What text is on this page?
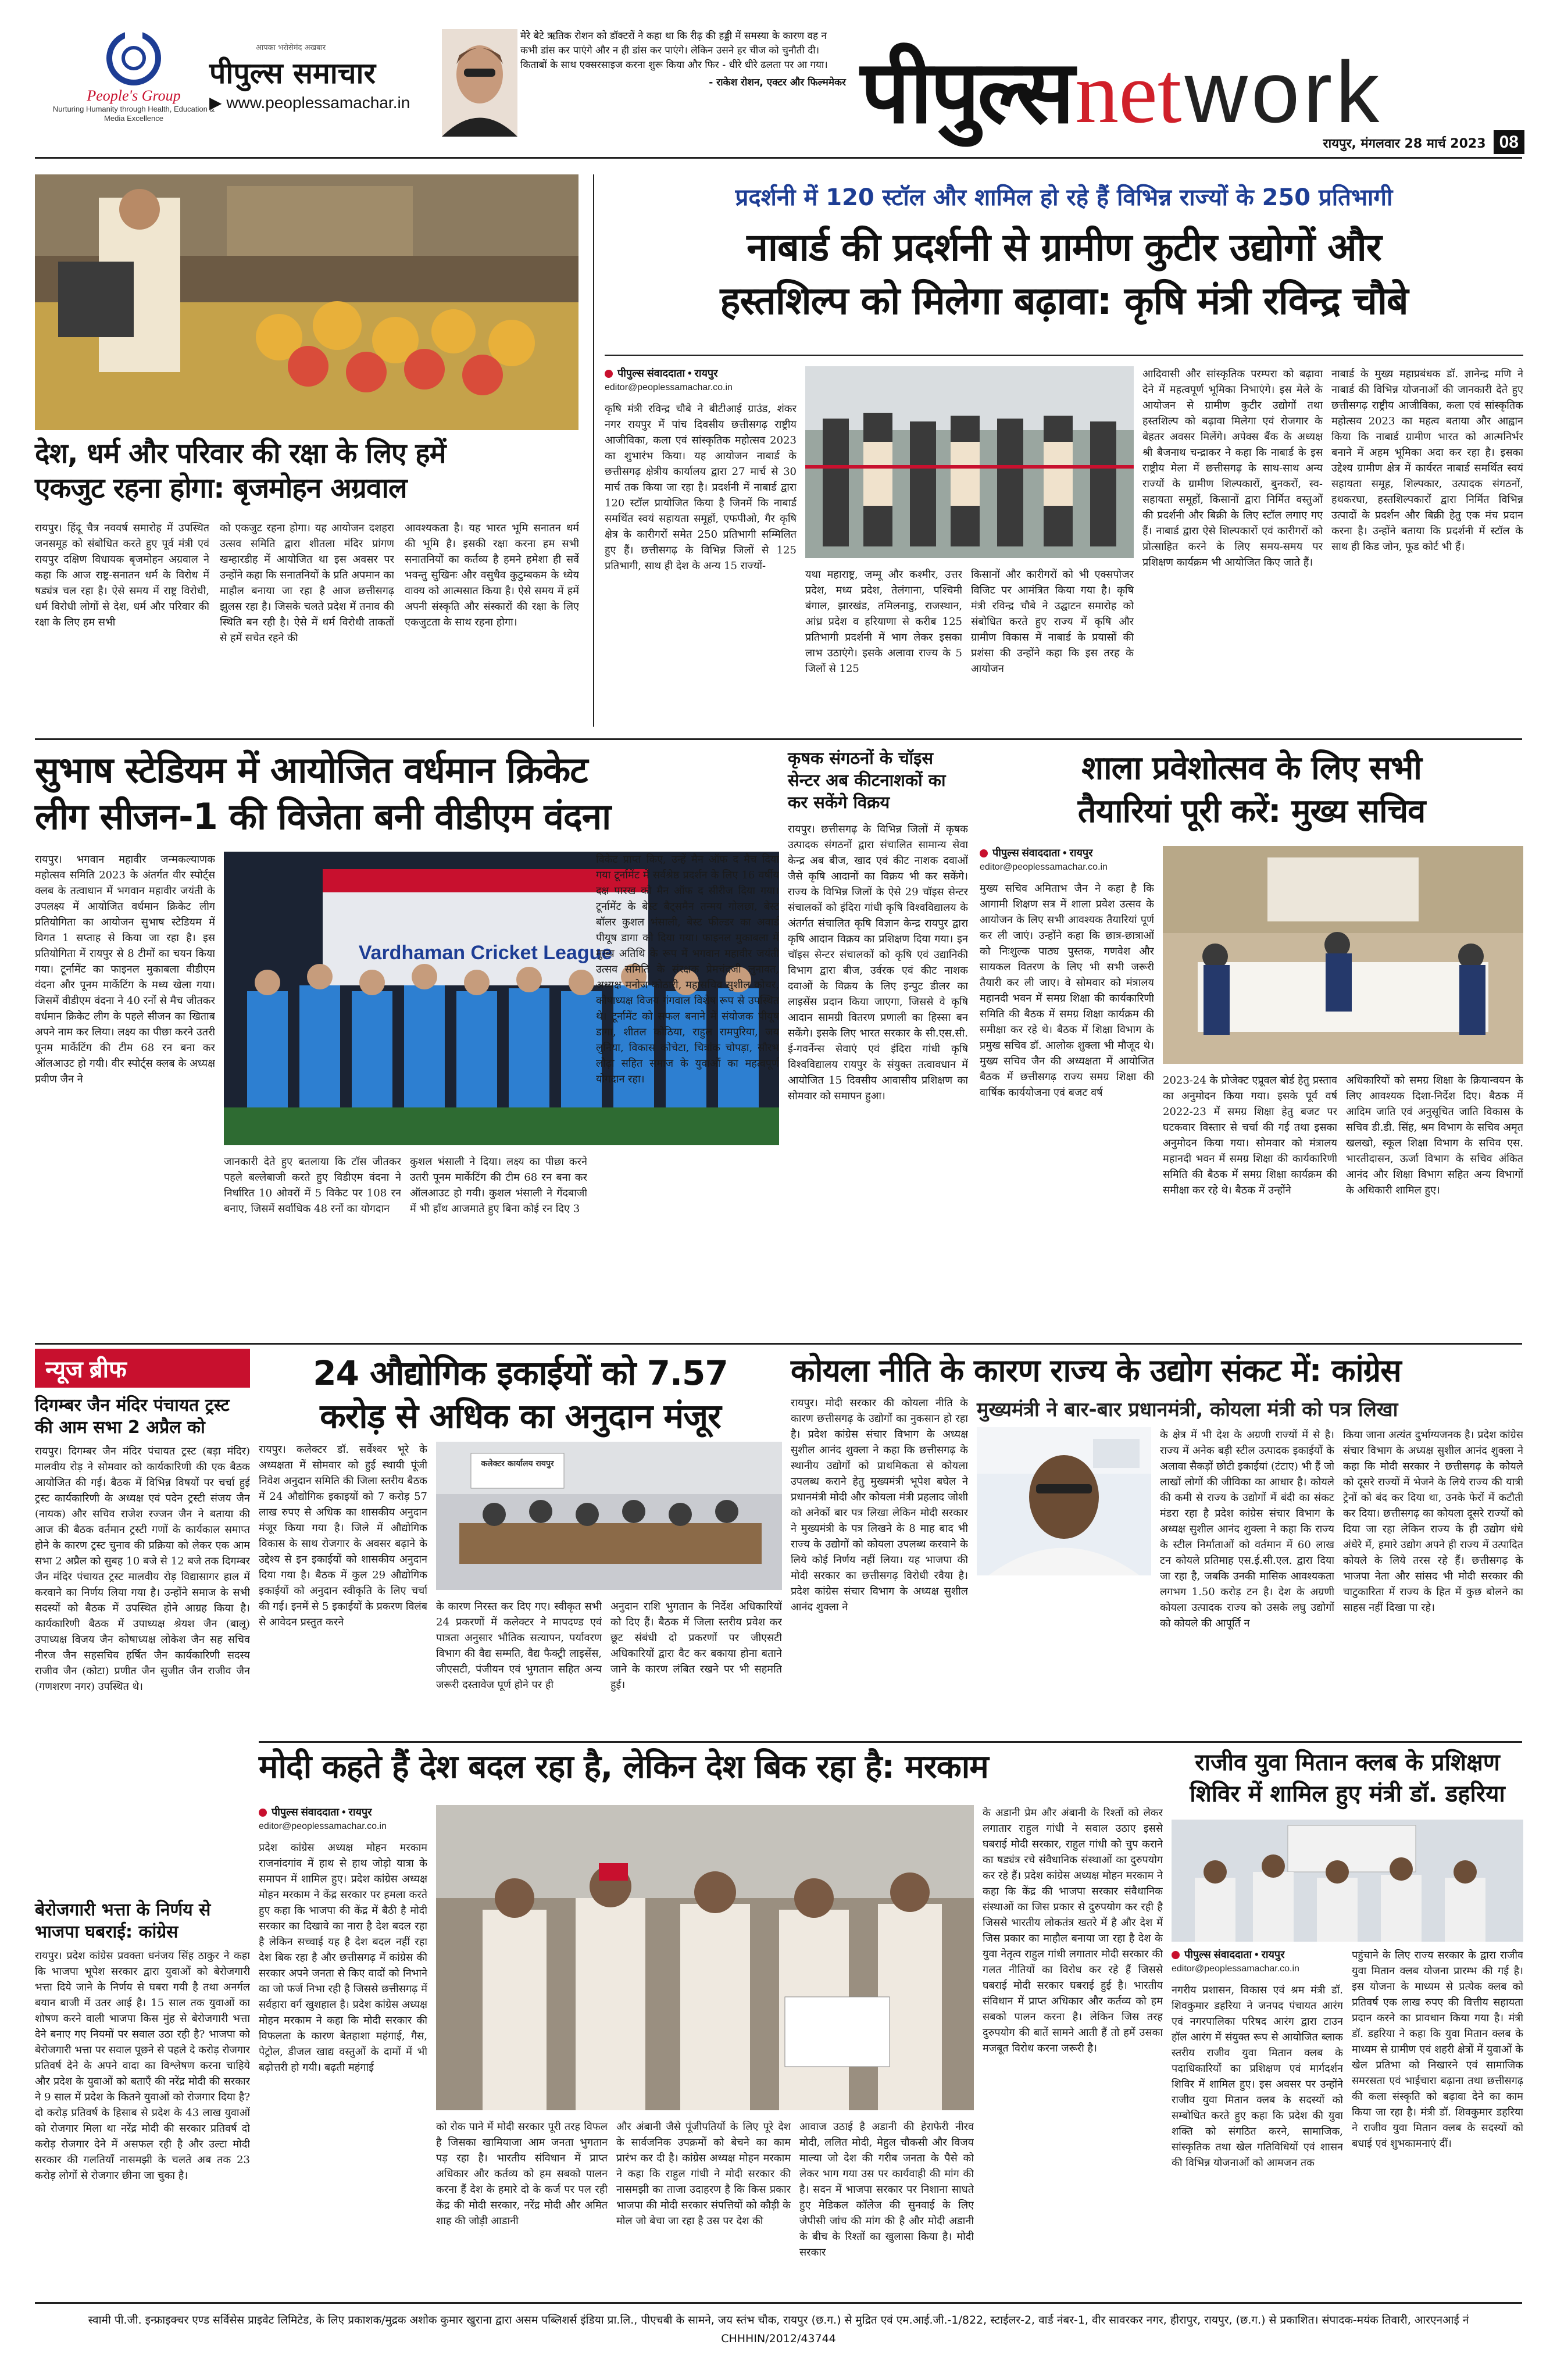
People's Group
Nurturing Humanity through Health, Education & Media Excellence
आपका भरोसेमंद अखबार
पीपुल्स समाचार
▶ www.peoplessamachar.in
मेरे बेटे ऋतिक रोशन को डॉक्टरों ने कहा था कि रीढ़ की हड्डी में समस्या के कारण वह न कभी डांस कर पाएंगे और न ही डांस कर पाएंगे। लेकिन उसने हर चीज को चुनौती दी। किताबों के साथ एक्सरसाइज करना शुरू किया और फिर - धीरे धीरे ढलता पर आ गया।
- राकेश रोशन, एक्टर और फिल्ममेकर पीपुल्स net work
रायपुर, मंगलवार 28 मार्च 2023 08
देश, धर्म और परिवार की रक्षा के लिए हमें
एकजुट रहना होगा: बृजमोहन अग्रवाल
रायपुर। हिंदू चैत्र नववर्ष समारोह में उपस्थित जनसमूह को संबोधित करते हुए पूर्व मंत्री एवं रायपुर दक्षिण विधायक बृजमोहन अग्रवाल ने कहा कि आज राष्ट्र-सनातन धर्म के विरोध में षड्यंत्र चल रहा है। ऐसे समय में राष्ट्र विरोधी, धर्म विरोधी लोगों से देश, धर्म और परिवार की रक्षा के लिए हम सभी
को एकजुट रहना होगा। यह आयोजन दशहरा उत्सव समिति द्वारा शीतला मंदिर प्रांगण खम्हारडीह में आयोजित था इस अवसर पर उन्होंने कहा कि सनातनियों के प्रति अपमान का माहौल बनाया जा रहा है आज छत्तीसगढ़ झुलस रहा है। जिसके चलते प्रदेश में तनाव की स्थिति बन रही है। ऐसे में धर्म विरोधी ताकतों से हमें सचेत रहने की
आवश्यकता है। यह भारत भूमि सनातन धर्म की भूमि है। इसकी रक्षा करना हम सभी सनातनियों का कर्तव्य है हमने हमेशा ही सर्वे भवन्तु सुखिनः और वसुधैव कुटुम्बकम के ध्येय वाक्य को आत्मसात किया है। ऐसे समय में हमें अपनी संस्कृति और संस्कारों की रक्षा के लिए एकजुटता के साथ रहना होगा।
प्रदर्शनी में 120 स्टॉल और शामिल हो रहे हैं विभिन्न राज्यों के 250 प्रतिभागी
नाबार्ड की प्रदर्शनी से ग्रामीण कुटीर उद्योगों और
हस्तशिल्प को मिलेगा बढ़ावा: कृषि मंत्री रविन्द्र चौबे
पीपुल्स संवाददाता • रायपुर
editor@peoplessamachar.co.in
कृषि मंत्री रविन्द्र चौबे ने बीटीआई ग्राउंड, शंकर नगर रायपुर में पांच दिवसीय छत्तीसगढ़ राष्ट्रीय आजीविका, कला एवं सांस्कृतिक महोत्सव 2023 का शुभारंभ किया। यह आयोजन नाबार्ड के छत्तीसगढ़ क्षेत्रीय कार्यालय द्वारा 27 मार्च से 30 मार्च तक किया जा रहा है। प्रदर्शनी में नाबार्ड द्वारा 120 स्टॉल प्रायोजित किया है जिनमें कि नाबार्ड समर्थित स्वयं सहायता समूहों, एफपीओ, गैर कृषि क्षेत्र के कारीगरों समेत 250 प्रतिभागी सम्मिलित हुए हैं। छत्तीसगढ़ के विभिन्न जिलों से 125 प्रतिभागी, साथ ही देश के अन्य 15 राज्यों-
यथा महाराष्ट्र, जम्मू और कश्मीर, उत्तर प्रदेश, मध्य प्रदेश, तेलंगाना, पश्चिमी बंगाल, झारखंड, तमिलनाडु, राजस्थान, आंध्र प्रदेश व हरियाणा से करीब 125 प्रतिभागी प्रदर्शनी में भाग लेकर इसका लाभ उठाएंगे। इसके अलावा राज्य के 5 जिलों से 125
किसानों और कारीगरों को भी एक्सपोजर विजिट पर आमंत्रित किया गया है। कृषि मंत्री रविन्द्र चौबे ने उद्घाटन समारोह को संबोधित करते हुए राज्य में कृषि और ग्रामीण विकास में नाबार्ड के प्रयासों की प्रशंसा की उन्होंने कहा कि इस तरह के आयोजन
आदिवासी और सांस्कृतिक परम्परा को बढ़ावा देने में महत्वपूर्ण भूमिका निभाएंगे। इस मेले के आयोजन से ग्रामीण कुटीर उद्योगों तथा हस्तशिल्प को बढ़ावा मिलेगा एवं रोजगार के बेहतर अवसर मिलेंगे। अपेक्स बैंक के अध्यक्ष श्री बैजनाथ चन्द्राकर ने कहा कि नाबार्ड के इस राष्ट्रीय मेला में छत्तीसगढ़ के साथ-साथ अन्य राज्यों के ग्रामीण शिल्पकारों, बुनकरों, स्व-सहायता समूहों, किसानों द्वारा निर्मित वस्तुओं की प्रदर्शनी और बिक्री के लिए स्टॉल लगाए गए हैं। नाबार्ड द्वारा ऐसे शिल्पकारों एवं कारीगरों को प्रोत्साहित करने के लिए समय-समय पर प्रशिक्षण कार्यक्रम भी आयोजित किए जाते हैं।
नाबार्ड के मुख्य महाप्रबंधक डॉ. ज्ञानेन्द्र मणि ने नाबार्ड की विभिन्न योजनाओं की जानकारी देते हुए छत्तीसगढ़ राष्ट्रीय आजीविका, कला एवं सांस्कृतिक महोत्सव 2023 का महत्व बताया और आह्वान किया कि नाबार्ड ग्रामीण भारत को आत्मनिर्भर बनाने में अहम भूमिका अदा कर रहा है। इसका उद्देश्य ग्रामीण क्षेत्र में कार्यरत नाबार्ड समर्थित स्वयं सहायता समूह, शिल्पकार, उत्पादक संगठनों, हथकरघा, हस्तशिल्पकारों द्वारा निर्मित विभिन्न उत्पादों के प्रदर्शन और बिक्री हेतु एक मंच प्रदान करना है। उन्होंने बताया कि प्रदर्शनी में स्टॉल के साथ ही किड जोन, फूड कोर्ट भी हैं।
सुभाष स्टेडियम में आयोजित वर्धमान क्रिकेट
लीग सीजन-1 की विजेता बनी वीडीएम वंदना
रायपुर। भगवान महावीर जन्मकल्याणक महोत्सव समिति 2023 के अंतर्गत वीर स्पोर्ट्स क्लब के तत्वाधान में भगवान महावीर जयंती के उपलक्ष्य में आयोजित वर्धमान क्रिकेट लीग प्रतियोगिता का आयोजन सुभाष स्टेडियम में विगत 1 सप्ताह से किया जा रहा है। इस प्रतियोगिता में रायपुर से 8 टीमों का चयन किया गया। टूर्नामेंट का फाइनल मुकाबला वीडीएम वंदना और पूनम मार्केटिंग के मध्य खेला गया। जिसमें वीडीएम वंदना ने 40 रनों से मैच जीतकर वर्धमान क्रिकेट लीग के पहले सीजन का खिताब अपने नाम कर लिया। लक्ष्य का पीछा करने उतरी पूनम मार्केटिंग की टीम 68 रन बना कर ऑलआउट हो गयी। वीर स्पोर्ट्स क्लब के अध्यक्ष प्रवीण जैन ने
Vardhaman Cricket League
जानकारी देते हुए बतलाया कि टॉस जीतकर पहले बल्लेबाजी करते हुए विडीएम वंदना ने निर्धारित 10 ओवरों में 5 विकेट पर 108 रन बनाए, जिसमें सर्वाधिक 48 रनों का योगदान
कुशल भंसाली ने दिया। लक्ष्य का पीछा करने उतरी पूनम मार्केटिंग की टीम 68 रन बना कर ऑलआउट हो गयी। कुशल भंसाली ने गेंदबाजी में भी हाँथ आजमाते हुए बिना कोई रन दिए 3
विकेट प्राप्त किए, उन्हें मैन ऑफ द मैच दिया गया टूर्नामेंट में सर्वश्रेष्ठ प्रदर्शन के लिए 16 वर्षीय दक्ष पारख को मैन ऑफ द सीरीज दिया गया। टूर्नामेंट के बेस्ट बैट्समैन तन्मय गोलछा, बेस्ट बॉलर कुशल भंसाली, बेस्ट फील्डर का अवार्ड पीयूष डागा को दिया गया। फाइनल मुकाबला में मुख्य अतिथि के रूप में भगवान महावीर जयंती उत्सव समिति के संरक्षक प्रेमचंदजी लुनावत, अध्यक्ष मनोज कोठारी, महासचिव सुशील कोचर, कोषाध्यक्ष विजय गंगवाल विशेष रूप से उपस्थित थे। टूर्नामेंट को सफल बनाने में संयोजक पीयूष डागा, शीतल कोठिया, राहुल रामपुरिया, जय लुनिया, विकास कोचेटा, चित्रांक चोपड़ा, सौरभ लोढ़ा सहित समाज के युवाओं का महत्वपूर्ण योगदान रहा।
कृषक संगठनों के चॉइस सेन्टर अब कीटनाशकों का कर सकेंगे विक्रय
रायपुर। छत्तीसगढ़ के विभिन्न जिलों में कृषक उत्पादक संगठनों द्वारा संचालित सामान्य सेवा केन्द्र अब बीज, खाद एवं कीट नाशक दवाओं जैसे कृषि आदानों का विक्रय भी कर सकेंगे। राज्य के विभिन्न जिलों के ऐसे 29 चॉइस सेन्टर संचालकों को इंदिरा गांधी कृषि विश्वविद्यालय के अंतर्गत संचालित कृषि विज्ञान केन्द्र रायपुर द्वारा कृषि आदान विक्रय का प्रशिक्षण दिया गया। इन चॉइस सेन्टर संचालकों को कृषि एवं उद्यानिकी विभाग द्वारा बीज, उर्वरक एवं कीट नाशक दवाओं के विक्रय के लिए इन्पुट डीलर का लाइसेंस प्रदान किया जाएगा, जिससे वे कृषि आदान सामग्री वितरण प्रणाली का हिस्सा बन सकेंगे। इसके लिए भारत सरकार के सी.एस.सी. ई-गवर्नेन्स सेवाएं एवं इंदिरा गांधी कृषि विश्वविद्यालय रायपुर के संयुक्त तत्वावधान में आयोजित 15 दिवसीय आवासीय प्रशिक्षण का सोमवार को समापन हुआ।
शाला प्रवेशोत्सव के लिए सभी
तैयारियां पूरी करें: मुख्य सचिव
पीपुल्स संवाददाता • रायपुर
editor@peoplessamachar.co.in
मुख्य सचिव अमिताभ जैन ने कहा है कि आगामी शिक्षण सत्र में शाला प्रवेश उत्सव के आयोजन के लिए सभी आवश्यक तैयारियां पूर्ण कर ली जाएं। उन्होंने कहा कि छात्र-छात्राओं को निःशुल्क पाठ्य पुस्तक, गणवेश और सायकल वितरण के लिए भी सभी जरूरी तैयारी कर ली जाए। वे सोमवार को मंत्रालय महानदी भवन में समग्र शिक्षा की कार्यकारिणी समिति की बैठक में समग्र शिक्षा कार्यक्रम की समीक्षा कर रहे थे। बैठक में शिक्षा विभाग के प्रमुख सचिव डॉ. आलोक शुक्ला भी मौजूद थे। मुख्य सचिव जैन की अध्यक्षता में आयोजित बैठक में छत्तीसगढ़ राज्य समग्र शिक्षा की वार्षिक कार्ययोजना एवं बजट वर्ष
2023-24 के प्रोजेक्ट एप्रूवल बोर्ड हेतु प्रस्ताव का अनुमोदन किया गया। इसके पूर्व वर्ष 2022-23 में समग्र शिक्षा हेतु बजट पर घटकवार विस्तार से चर्चा की गई तथा इसका अनुमोदन किया गया। सोमवार को मंत्रालय महानदी भवन में समग्र शिक्षा की कार्यकारिणी समिति की बैठक में समग्र शिक्षा कार्यक्रम की समीक्षा कर रहे थे। बैठक में उन्होंने
अधिकारियों को समग्र शिक्षा के क्रियान्वयन के लिए आवश्यक दिशा-निर्देश दिए। बैठक में आदिम जाति एवं अनुसूचित जाति विकास के सचिव डी.डी. सिंह, श्रम विभाग के सचिव अमृत खलखो, स्कूल शिक्षा विभाग के सचिव एस. भारतीदासन, ऊर्जा विभाग के सचिव अंकित आनंद और शिक्षा विभाग सहित अन्य विभागों के अधिकारी शामिल हुए।
न्यूज ब्रीफ
दिगम्बर जैन मंदिर पंचायत ट्रस्ट की आम सभा 2 अप्रैल को
रायपुर। दिगम्बर जैन मंदिर पंचायत ट्रस्ट (बड़ा मंदिर) मालवीय रोड़ ने सोमवार को कार्यकारिणी की एक बैठक आयोजित की गई। बैठक में विभिन्न विषयों पर चर्चा हुई ट्रस्ट कार्यकारिणी के अध्यक्ष एवं पदेन ट्रस्टी संजय जैन (नायक) और सचिव राजेश रज्जन जैन ने बताया की आज की बैठक वर्तमान ट्रस्टी गणों के कार्यकाल समाप्त होने के कारण ट्रस्ट चुनाव की प्रक्रिया को लेकर एक आम सभा 2 अप्रैल को सुबह 10 बजे से 12 बजे तक दिगम्बर जैन मंदिर पंचायत ट्रस्ट मालवीय रोड़ विद्यासागर हाल में करवाने का निर्णय लिया गया है। उन्होंने समाज के सभी सदस्यों को बैठक में उपस्थित होने आग्रह किया है। कार्यकारिणी बैठक में उपाध्यक्ष श्रेयश जैन (बालू) उपाध्यक्ष विजय जैन कोषाध्यक्ष लोकेश जैन सह सचिव नीरज जैन सहसचिव हर्षित जैन कार्यकारिणी सदस्य राजीव जैन (कोटा) प्रणीत जैन सुजीत जैन राजीव जैन (गणशरण नगर) उपस्थित थे।
बेरोजगारी भत्ता के निर्णय से भाजपा घबराई: कांग्रेस
रायपुर। प्रदेश कांग्रेस प्रवक्ता धनंजय सिंह ठाकुर ने कहा कि भाजपा भूपेश सरकार द्वारा युवाओं को बेरोजगारी भत्ता दिये जाने के निर्णय से घबरा गयी है तथा अनर्गल बयान बाजी में उतर आई है। 15 साल तक युवाओं का शोषण करने वाली भाजपा किस मुंह से बेरोजगारी भत्ता देने बनाए गए नियमों पर सवाल उठा रही है? भाजपा को बेरोजगारी भत्ता पर सवाल पूछने से पहले दे करोड़ रोजगार प्रतिवर्ष देने के अपने वादा का विश्लेषण करना चाहिये और प्रदेश के युवाओं को बताएँ की नरेंद्र मोदी की सरकार ने 9 साल में प्रदेश के कितने युवाओं को रोजगार दिया है? दो करोड़ प्रतिवर्ष के हिसाब से प्रदेश के 43 लाख युवाओं को रोजगार मिला था नरेंद्र मोदी की सरकार प्रतिवर्ष दो करोड़ रोजगार देने में असफल रही है और उल्टा मोदी सरकार की गलतियाँ नासमझी के चलते अब तक 23 करोड़ लोगों से रोजगार छीना जा चुका है।
24 औद्योगिक इकाईयों को 7.57
करोड़ से अधिक का अनुदान मंजूर
रायपुर। कलेक्टर डॉ. सर्वेश्वर भूरे के अध्यक्षता में सोमवार को हुई स्थायी पूंजी निवेश अनुदान समिति की जिला स्तरीय बैठक में 24 औद्योगिक इकाइयों को 7 करोड़ 57 लाख रुपए से अधिक का शासकीय अनुदान मंजूर किया गया है। जिले में औद्योगिक विकास के साथ रोजगार के अवसर बढ़ाने के उद्देश्य से इन इकाईयों को शासकीय अनुदान दिया गया है। बैठक में कुल 29 औद्योगिक इकाईयों को अनुदान स्वीकृति के लिए चर्चा की गई। इनमें से 5 इकाईयों के प्रकरण विलंब से आवेदन प्रस्तुत करने
कलेक्टर कार्यालय रायपुर
के कारण निरस्त कर दिए गए। स्वीकृत सभी 24 प्रकरणों में कलेक्टर ने मापदण्ड एवं पात्रता अनुसार भौतिक सत्यापन, पर्यावरण विभाग की वैद्य सम्मति, वैद्य फैक्ट्री लाइसेंस, जीएसटी, पंजीयन एवं भुगतान सहित अन्य जरूरी दस्तावेज पूर्ण होने पर ही
अनुदान राशि भुगतान के निर्देश अधिकारियों को दिए हैं। बैठक में जिला स्तरीय प्रवेश कर छूट संबंधी दो प्रकरणों पर जीएसटी अधिकारियों द्वारा वैट कर बकाया होना बताने जाने के कारण लंबित रखने पर भी सहमति हुई।
कोयला नीति के कारण राज्य के उद्योग संकट में: कांग्रेस
मुख्यमंत्री ने बार-बार प्रधानमंत्री, कोयला मंत्री को पत्र लिखा
रायपुर। मोदी सरकार की कोयला नीति के कारण छत्तीसगढ़ के उद्योगों का नुकसान हो रहा है। प्रदेश कांग्रेस संचार विभाग के अध्यक्ष सुशील आनंद शुक्ला ने कहा कि छत्तीसगढ़ के स्थानीय उद्योगों को प्राथमिकता से कोयला उपलब्ध कराने हेतु मुख्यमंत्री भूपेश बघेल ने प्रधानमंत्री मोदी और कोयला मंत्री प्रहलाद जोशी को अनेकों बार पत्र लिखा लेकिन मोदी सरकार ने मुख्यमंत्री के पत्र लिखने के 8 माह बाद भी राज्य के उद्योगों को कोयला उपलब्ध करवाने के लिये कोई निर्णय नहीं लिया। यह भाजपा की मोदी सरकार का छत्तीसगढ़ विरोधी रवैया है। प्रदेश कांग्रेस संचार विभाग के अध्यक्ष सुशील आनंद शुक्ला ने
के क्षेत्र में भी देश के अग्रणी राज्यों में से है। राज्य में अनेक बड़ी स्टील उत्पादक इकाईयों के अलावा सैकड़ों छोटी इकाईयां (टंटाए) भी हैं जो लाखों लोगों की जीविका का आधार है। कोयले की कमी से राज्य के उद्योगों में बंदी का संकट मंडरा रहा है प्रदेश कांग्रेस संचार विभाग के अध्यक्ष सुशील आनंद शुक्ला ने कहा कि राज्य के स्टील निर्माताओं को वर्तमान में 60 लाख टन कोयले प्रतिमाह एस.ई.सी.एल. द्वारा दिया जा रहा है, जबकि उनकी मासिक आवश्यकता लगभग 1.50 करोड़ टन है। देश के अग्रणी कोयला उत्पादक राज्य को उसके लघु उद्योगों को कोयले की आपूर्ति न
किया जाना अत्यंत दुर्भाग्यजनक है। प्रदेश कांग्रेस संचार विभाग के अध्यक्ष सुशील आनंद शुक्ला ने कहा कि मोदी सरकार ने छत्तीसगढ़ के कोयले को दूसरे राज्यों में भेजने के लिये राज्य की यात्री ट्रेनों को बंद कर दिया था, उनके फेरों में कटौती कर दिया। छत्तीसगढ़ का कोयला दूसरे राज्यों को दिया जा रहा लेकिन राज्य के ही उद्योग धंधे अंधेरे में, हमारे उद्योग अपने ही राज्य में उत्पादित कोयले के लिये तरस रहे हैं। छत्तीसगढ़ के भाजपा नेता और सांसद भी मोदी सरकार की चाटुकारिता में राज्य के हित में कुछ बोलने का साहस नहीं दिखा पा रहे।
मोदी कहते हैं देश बदल रहा है, लेकिन देश बिक रहा है: मरकाम
पीपुल्स संवाददाता • रायपुर
editor@peoplessamachar.co.in
प्रदेश कांग्रेस अध्यक्ष मोहन मरकाम राजनांदगांव में हाथ से हाथ जोड़ो यात्रा के समापन में शामिल हुए। प्रदेश कांग्रेस अध्यक्ष मोहन मरकाम ने केंद्र सरकार पर हमला करते हुए कहा कि भाजपा की केंद्र में बैठी है मोदी सरकार का दिखावे का नारा है देश बदल रहा है लेकिन सच्चाई यह है देश बदल नहीं रहा देश बिक रहा है और छत्तीसगढ़ में कांग्रेस की सरकार अपने जनता से किए वादों को निभाने का जो फर्ज निभा रही है जिससे छत्तीसगढ़ में सर्वहारा वर्ग खुशहाल है। प्रदेश कांग्रेस अध्यक्ष मोहन मरकाम ने कहा कि मोदी सरकार की विफलता के कारण बेतहाशा महंगाई, गैस, पेट्रोल, डीजल खाद्य वस्तुओं के दामों में भी बढ़ोत्तरी हो गयी। बढ़ती महंगाई
को रोक पाने में मोदी सरकार पूरी तरह विफल है जिसका खामियाजा आम जनता भुगतान पड़ रहा है। भारतीय संविधान में प्राप्त अधिकार और कर्तव्य को हम सबको पालन करना हैं देश के हमारे दो के कर्ज पर पल रही केंद्र की मोदी सरकार, नरेंद्र मोदी और अमित शाह की जोड़ी आडानी
और अंबानी जैसे पूंजीपतियों के लिए पूरे देश के सार्वजनिक उपक्रमों को बेचने का काम प्रारंभ कर दी है। कांग्रेस अध्यक्ष मोहन मरकाम ने कहा कि राहुल गांधी ने मोदी सरकार की नासमझी का ताजा उदाहरण है कि किस प्रकार भाजपा की मोदी सरकार संपत्तियों को कौड़ी के मोल जो बेचा जा रहा है उस पर देश की
आवाज उठाई है अडानी की हेराफेरी नीरव मोदी, ललित मोदी, मेहुल चौकसी और विजय माल्या जो देश की गरीब जनता के पैसे को लेकर भाग गया उस पर कार्यवाही की मांग की है। सदन में भाजपा सरकार पर निशाना साधते हुए मेडिकल कॉलेज की सुनवाई के लिए जेपीसी जांच की मांग की है और मोदी अडानी के बीच के रिश्तों का खुलासा किया है। मोदी सरकार
के अडानी प्रेम और अंबानी के रिश्तों को लेकर लगातार राहुल गांधी ने सवाल उठाए इससे घबराई मोदी सरकार, राहुल गांधी को चुप कराने का षड्यंत्र रचे संवैधानिक संस्थाओं का दुरुपयोग कर रहे हैं। प्रदेश कांग्रेस अध्यक्ष मोहन मरकाम ने कहा कि केंद्र की भाजपा सरकार संवैधानिक संस्थाओं का जिस प्रकार से दुरुपयोग कर रही है जिससे भारतीय लोकतंत्र खतरे में है और देश में जिस प्रकार का माहौल बनाया जा रहा है देश के युवा नेतृत्व राहुल गांधी लगातार मोदी सरकार की गलत नीतियों का विरोध कर रहे हैं जिससे घबराई मोदी सरकार घबराई हुई है। भारतीय संविधान में प्राप्त अधिकार और कर्तव्य को हम सबको पालन करना है। लेकिन जिस तरह दुरुपयोग की बातें सामने आती हैं तो हमें उसका मजबूत विरोध करना जरूरी है।
राजीव युवा मितान क्लब के प्रशिक्षण
शिविर में शामिल हुए मंत्री डॉ. डहरिया
पीपुल्स संवाददाता • रायपुर
editor@peoplessamachar.co.in
नगरीय प्रशासन, विकास एवं श्रम मंत्री डॉ. शिवकुमार डहरिया ने जनपद पंचायत आरंग एवं नगरपालिका परिषद आरंग द्वारा टाउन हॉल आरंग में संयुक्त रूप से आयोजित ब्लाक स्तरीय राजीव युवा मितान क्लब के पदाधिकारियों का प्रशिक्षण एवं मार्गदर्शन शिविर में शामिल हुए। इस अवसर पर उन्होंने राजीव युवा मितान क्लब के सदस्यों को सम्बोधित करते हुए कहा कि प्रदेश की युवा शक्ति को संगठित करने, सामाजिक, सांस्कृतिक तथा खेल गतिविधियों एवं शासन की विभिन्न योजनाओं को आमजन तक
पहुंचाने के लिए राज्य सरकार के द्वारा राजीव युवा मितान क्लब योजना प्रारम्भ की गई है। इस योजना के माध्यम से प्रत्येक क्लब को प्रतिवर्ष एक लाख रुपए की वित्तीय सहायता प्रदान करने का प्रावधान किया गया है। मंत्री डॉ. डहरिया ने कहा कि युवा मितान क्लब के माध्यम से ग्रामीण एवं शहरी क्षेत्रों में युवाओं के खेल प्रतिभा को निखारने एवं सामाजिक समरसता एवं भाईचारा बढ़ाना तथा छत्तीसगढ़ की कला संस्कृति को बढ़ावा देने का काम किया जा रहा है। मंत्री डॉ. शिवकुमार डहरिया ने राजीव युवा मितान क्लब के सदस्यों को बधाई एवं शुभकामनाएं दीं।
स्वामी पी.जी. इन्फ्राइक्चर एण्ड सर्विसेस प्राइवेट लिमिटेड, के लिए प्रकाशक/मुद्रक अशोक कुमार खुराना द्वारा असम पब्लिशर्स इंडिया प्रा.लि., पीएचबी के सामने, जय स्तंभ चौक, रायपुर (छ.ग.) से मुद्रित एवं एम.आई.जी.-1/822, स्टाईलर-2, वार्ड नंबर-1, वीर सावरकर नगर, हीरापुर, रायपुर, (छ.ग.) से प्रकाशित। संपादक-मयंक तिवारी, आरएनआई नं CHHHIN/2012/43744
